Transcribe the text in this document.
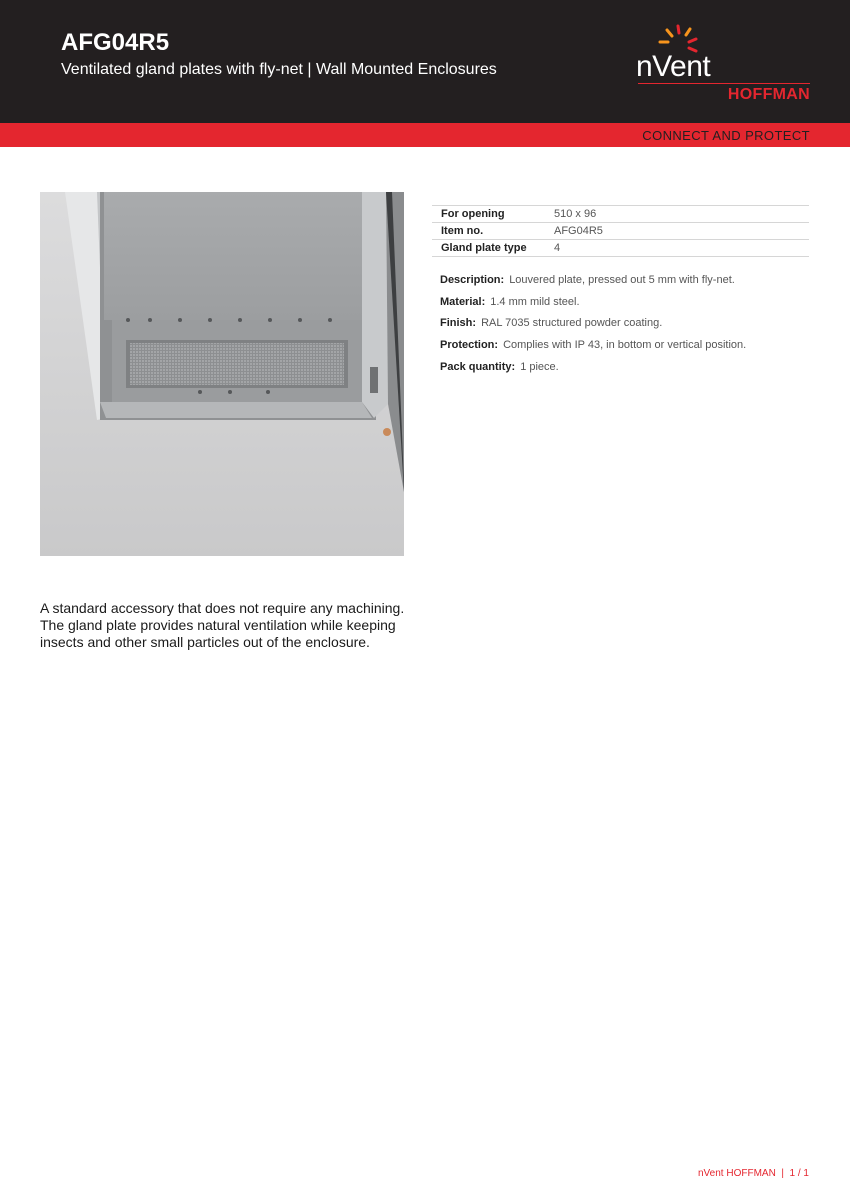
AFG04R5
Ventilated gland plates with fly-net | Wall Mounted Enclosures	nVent
HOFFMAN
CONNECT AND PROTECT
For opening	510 x 96
Item no.	AFG04R5
Gland plate type	4
Description: Louvered plate, pressed out 5 mm with fly-net.
Material: 1.4 mm mild steel.
Finish: RAL 7035 structured powder coating.
Protection: Complies with IP 43, in bottom or vertical position.
Pack quantity: 1 piece.

A standard accessory that does not require any machining. The gland plate provides natural ventilation while keeping insects and other small particles out of the enclosure.

nVent HOFFMAN  |  1 / 1
